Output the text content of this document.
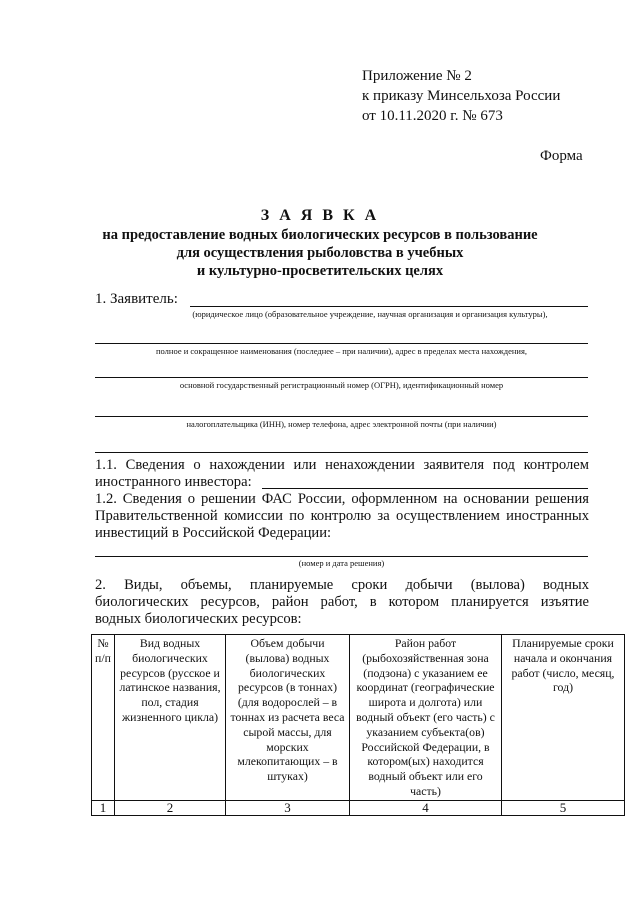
Приложение № 2
к приказу Минсельхоза России
от 10.11.2020 г. № 673
Форма
З А Я В К А
на предоставление водных биологических ресурсов в пользование
для осуществления рыболовства в учебных
и культурно-просветительских целях
1. Заявитель:
(юридическое лицо (образовательное учреждение, научная организация и организация культуры),
полное и сокращенное наименования (последнее – при наличии), адрес в пределах места нахождения,
основной государственный регистрационный номер (ОГРН), идентификационный номер
налогоплательщика (ИНН), номер телефона, адрес электронной почты (при наличии)
1.1. Сведения о нахождении или ненахождении заявителя под контролем
иностранного инвестора:
1.2. Сведения о решении ФАС России, оформленном на основании решения
Правительственной комиссии по контролю за осуществлением иностранных
инвестиций в Российской Федерации:
(номер и дата решения)
2. Виды, объемы, планируемые сроки добычи (вылова) водных
биологических ресурсов, район работ, в котором планируется изъятие
водных биологических ресурсов:
№ п/п	Вид водных биологических ресурсов (русское и латинское названия, пол, стадия жизненного цикла)	Объем добычи (вылова) водных биологических ресурсов (в тоннах) (для водорослей – в тоннах из расчета веса сырой массы, для морских млекопитающих – в штуках)	Район работ (рыбохозяйственная зона (подзона) с указанием ее координат (географические широта и долгота) или водный объект (его часть) с указанием субъекта(ов) Российской Федерации, в котором(ых) находится водный объект или его часть)	Планируемые сроки начала и окончания работ (число, месяц, год)
1	2	3	4	5
